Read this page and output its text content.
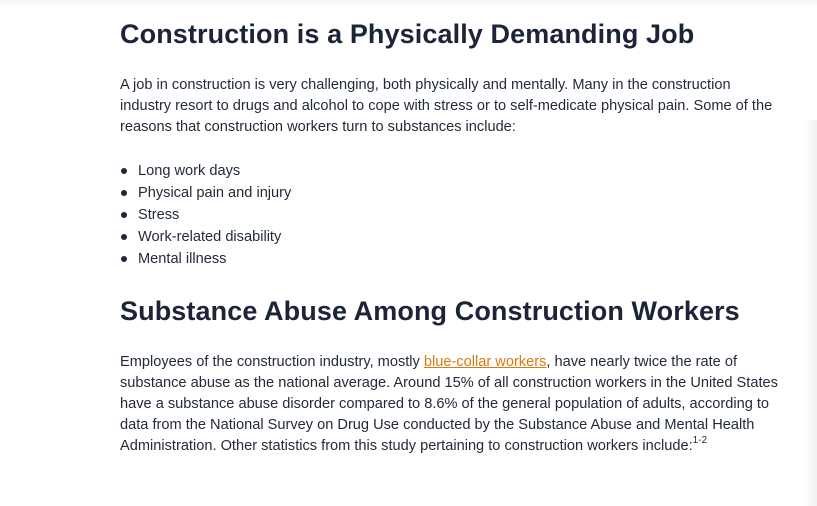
Construction is a Physically Demanding Job

A job in construction is very challenging, both physically and mentally. Many in the construction industry resort to drugs and alcohol to cope with stress or to self-medicate physical pain. Some of the reasons that construction workers turn to substances include:

Long work days
Physical pain and injury
Stress
Work-related disability
Mental illness
Substance Abuse Among Construction Workers

Employees of the construction industry, mostly blue-collar workers, have nearly twice the rate of substance abuse as the national average. Around 15% of all construction workers in the United States have a substance abuse disorder compared to 8.6% of the general population of adults, according to data from the National Survey on Drug Use conducted by the Substance Abuse and Mental Health Administration. Other statistics from this study pertaining to construction workers include:$^{1-2}$
